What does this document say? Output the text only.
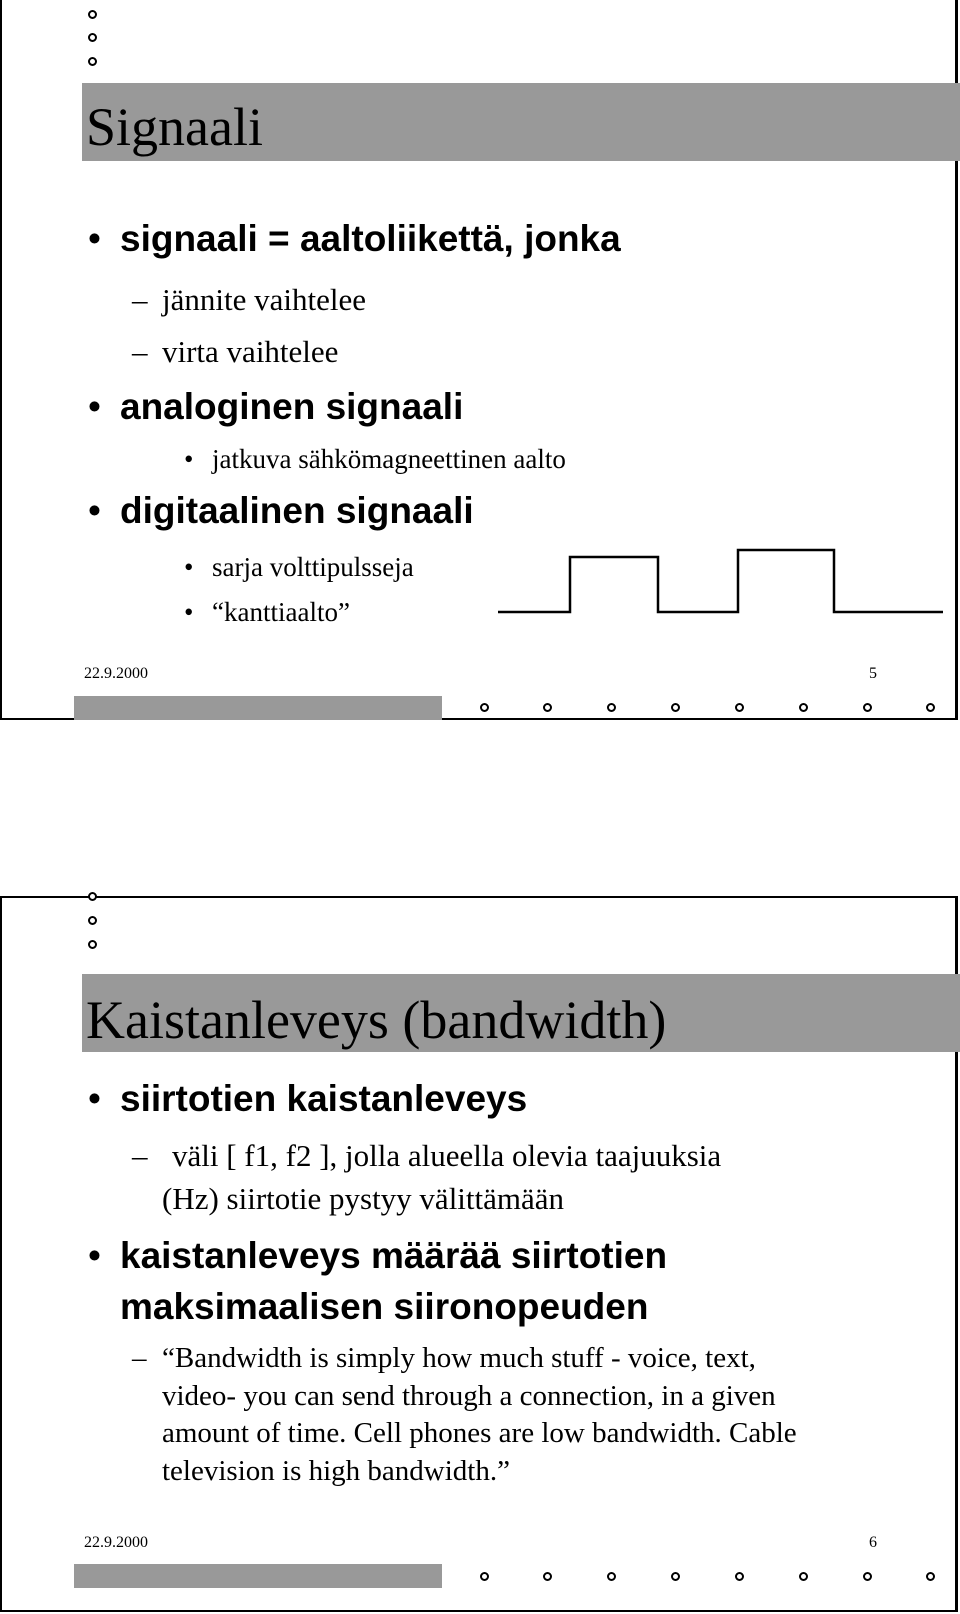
Signaali
• signaali = aaltoliikettä, jonka
– jännite vaihtelee
– virta vaihtelee
• analoginen signaali
• jatkuva sähkömagneettinen aalto
• digitaalinen signaali
• sarja volttipulsseja
• “kanttiaalto”
22.9.2000	5
Kaistanleveys (bandwidth)
• siirtotien kaistanleveys
– väli [ f1, f2 ], jolla alueella olevia taajuuksia
(Hz) siirtotie pystyy välittämään
• kaistanleveys määrää siirtotien
maksimaalisen siironopeuden
– “Bandwidth is simply how much stuff - voice, text,
video- you can send through a connection, in a given
amount of time. Cell phones are low bandwidth. Cable
television is high bandwidth.”
22.9.2000	6
